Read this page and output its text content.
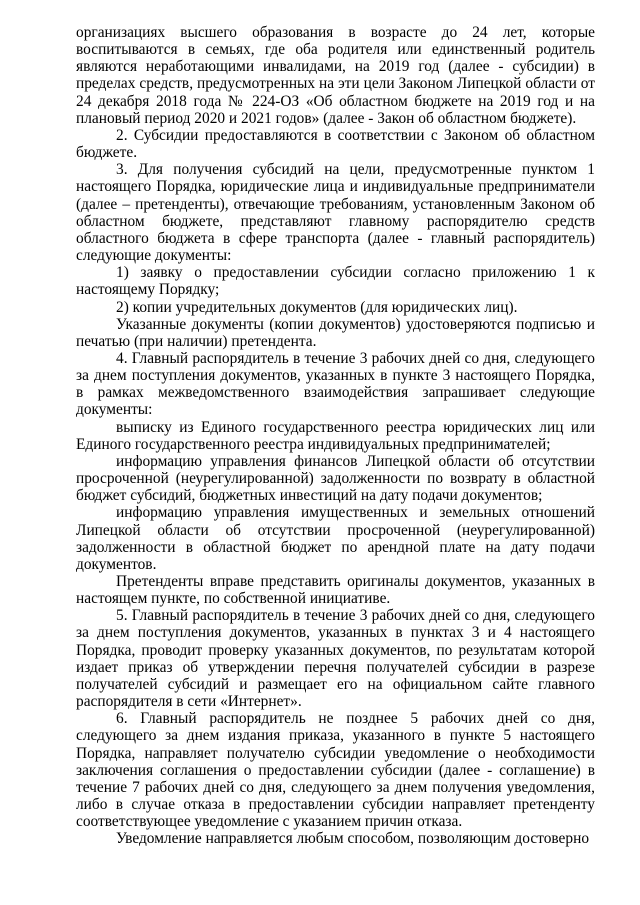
организациях высшего образования в возрасте до 24 лет, которые воспитываются в семьях, где оба родителя или единственный родитель являются неработающими инвалидами, на 2019 год (далее - субсидии) в пределах средств, предусмотренных на эти цели Законом Липецкой области от 24 декабря 2018 года № 224-ОЗ «Об областном бюджете на 2019 год и на плановый период 2020 и 2021 годов» (далее - Закон об областном бюджете).

2. Субсидии предоставляются в соответствии с Законом об областном бюджете.

3. Для получения субсидий на цели, предусмотренные пунктом 1 настоящего Порядка, юридические лица и индивидуальные предприниматели (далее – претенденты), отвечающие требованиям, установленным Законом об областном бюджете, представляют главному распорядителю средств областного бюджета в сфере транспорта (далее - главный распорядитель) следующие документы:

1) заявку о предоставлении субсидии согласно приложению 1 к настоящему Порядку;

2) копии учредительных документов (для юридических лиц).

Указанные документы (копии документов) удостоверяются подписью и печатью (при наличии) претендента.

4. Главный распорядитель в течение 3 рабочих дней со дня, следующего за днем поступления документов, указанных в пункте 3 настоящего Порядка, в рамках межведомственного взаимодействия запрашивает следующие документы:

выписку из Единого государственного реестра юридических лиц или Единого государственного реестра индивидуальных предпринимателей;

информацию управления финансов Липецкой области об отсутствии просроченной (неурегулированной) задолженности по возврату в областной бюджет субсидий, бюджетных инвестиций на дату подачи документов;

информацию управления имущественных и земельных отношений Липецкой области об отсутствии просроченной (неурегулированной) задолженности в областной бюджет по арендной плате на дату подачи документов.

Претенденты вправе представить оригиналы документов, указанных в настоящем пункте, по собственной инициативе.

5. Главный распорядитель в течение 3 рабочих дней со дня, следующего за днем поступления документов, указанных в пунктах 3 и 4 настоящего Порядка, проводит проверку указанных документов, по результатам которой издает приказ об утверждении перечня получателей субсидии в разрезе получателей субсидий и размещает его на официальном сайте главного распорядителя в сети «Интернет».

6. Главный распорядитель не позднее 5 рабочих дней со дня, следующего за днем издания приказа, указанного в пункте 5 настоящего Порядка, направляет получателю субсидии уведомление о необходимости заключения соглашения о предоставлении субсидии (далее - соглашение) в течение 7 рабочих дней со дня, следующего за днем получения уведомления, либо в случае отказа в предоставлении субсидии направляет претенденту соответствующее уведомление с указанием причин отказа.

Уведомление направляется любым способом, позволяющим достоверно
